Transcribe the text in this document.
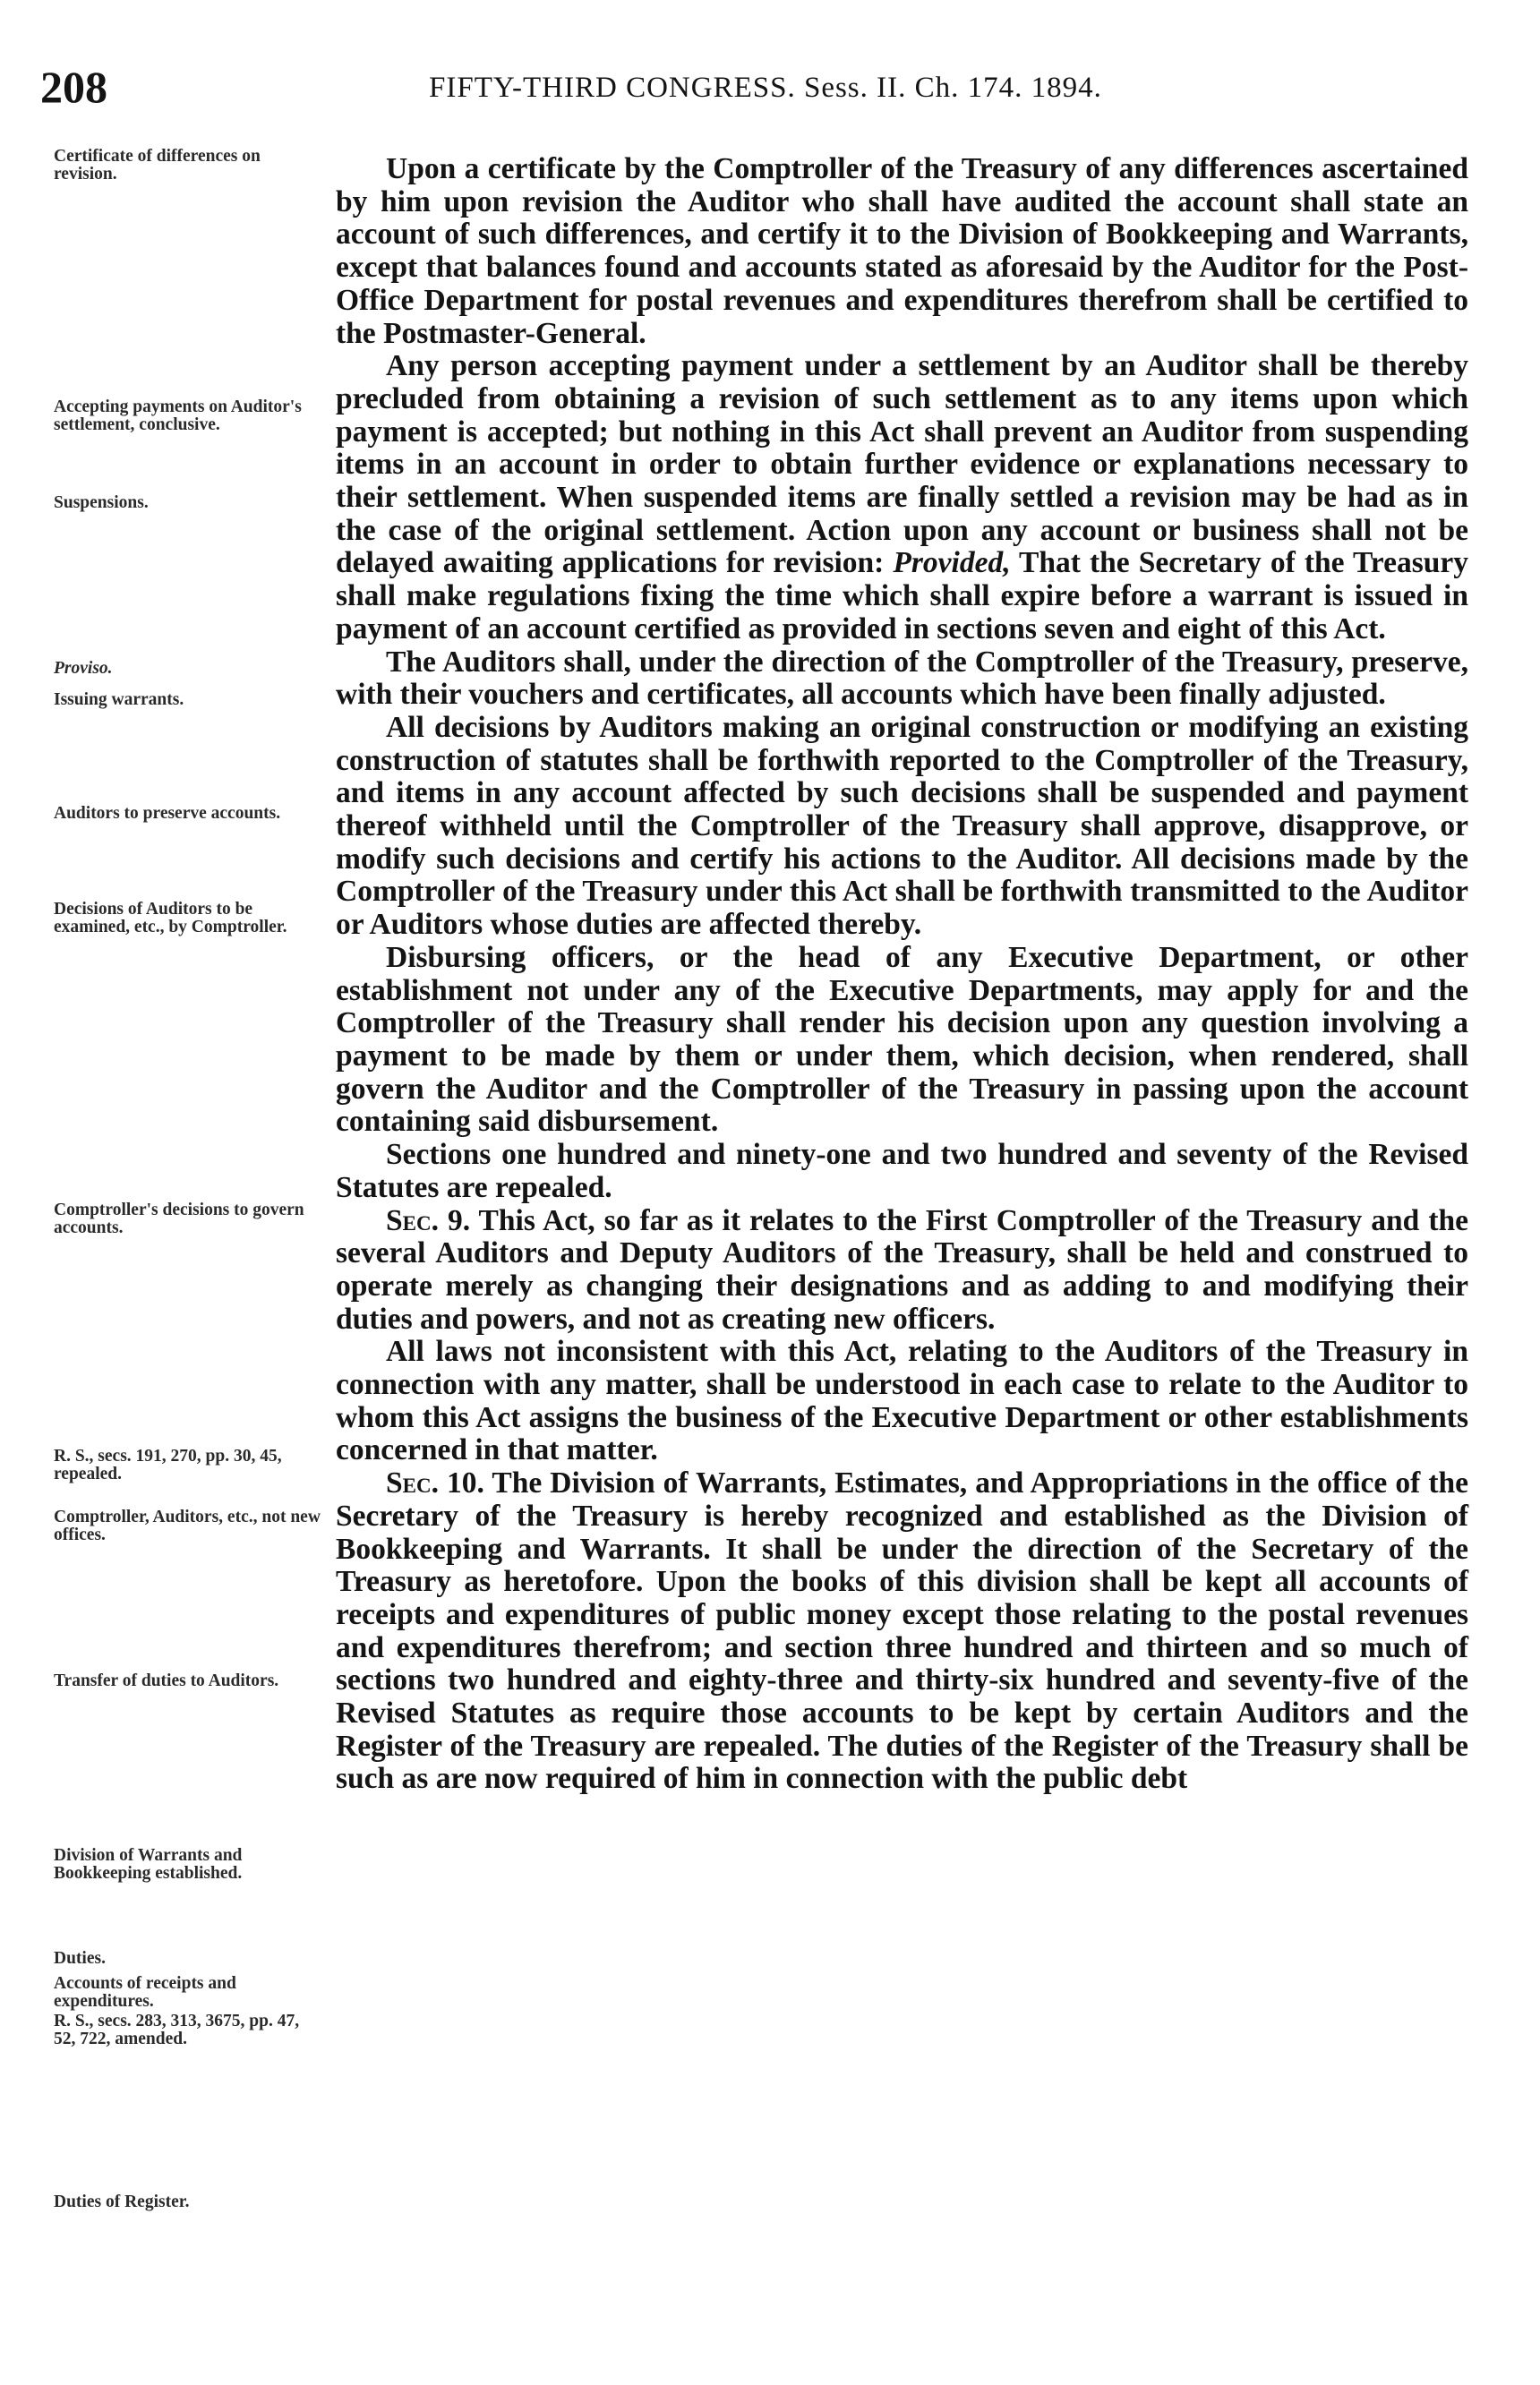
208	FIFTY-THIRD CONGRESS. Sess. II. Ch. 174. 1894.
Certificate of differences on revision.
Accepting payments on Auditor's settlement, conclusive.
Suspensions.
Proviso.
Issuing warrants.
Auditors to preserve accounts.
Decisions of Auditors to be examined, etc., by Comptroller.
Comptroller's decisions to govern accounts.
R. S., secs. 191, 270, pp. 30, 45, repealed.
Comptroller, Auditors, etc., not new offices.
Transfer of duties to Auditors.
Division of Warrants and Bookkeeping established.
Duties.
Accounts of receipts and expenditures.
R. S., secs. 283, 313, 3675, pp. 47, 52, 722, amended.
Duties of Register.

Upon a certificate by the Comptroller of the Treasury of any differences ascertained by him upon revision the Auditor who shall have audited the account shall state an account of such differences, and certify it to the Division of Bookkeeping and Warrants, except that balances found and accounts stated as aforesaid by the Auditor for the Post-Office Department for postal revenues and expenditures therefrom shall be certified to the Postmaster-General.

Any person accepting payment under a settlement by an Auditor shall be thereby precluded from obtaining a revision of such settlement as to any items upon which payment is accepted; but nothing in this Act shall prevent an Auditor from suspending items in an account in order to obtain further evidence or explanations necessary to their settlement. When suspended items are finally settled a revision may be had as in the case of the original settlement. Action upon any account or business shall not be delayed awaiting applications for revision: Provided, That the Secretary of the Treasury shall make regulations fixing the time which shall expire before a warrant is issued in payment of an account certified as provided in sections seven and eight of this Act.

The Auditors shall, under the direction of the Comptroller of the Treasury, preserve, with their vouchers and certificates, all accounts which have been finally adjusted.

All decisions by Auditors making an original construction or modifying an existing construction of statutes shall be forthwith reported to the Comptroller of the Treasury, and items in any account affected by such decisions shall be suspended and payment thereof withheld until the Comptroller of the Treasury shall approve, disapprove, or modify such decisions and certify his actions to the Auditor. All decisions made by the Comptroller of the Treasury under this Act shall be forthwith transmitted to the Auditor or Auditors whose duties are affected thereby.

Disbursing officers, or the head of any Executive Department, or other establishment not under any of the Executive Departments, may apply for and the Comptroller of the Treasury shall render his decision upon any question involving a payment to be made by them or under them, which decision, when rendered, shall govern the Auditor and the Comptroller of the Treasury in passing upon the account containing said disbursement.

Sections one hundred and ninety-one and two hundred and seventy of the Revised Statutes are repealed.

Sec. 9. This Act, so far as it relates to the First Comptroller of the Treasury and the several Auditors and Deputy Auditors of the Treasury, shall be held and construed to operate merely as changing their designations and as adding to and modifying their duties and powers, and not as creating new officers.

All laws not inconsistent with this Act, relating to the Auditors of the Treasury in connection with any matter, shall be understood in each case to relate to the Auditor to whom this Act assigns the business of the Executive Department or other establishments concerned in that matter.

Sec. 10. The Division of Warrants, Estimates, and Appropriations in the office of the Secretary of the Treasury is hereby recognized and established as the Division of Bookkeeping and Warrants. It shall be under the direction of the Secretary of the Treasury as heretofore. Upon the books of this division shall be kept all accounts of receipts and expenditures of public money except those relating to the postal revenues and expenditures therefrom; and section three hundred and thirteen and so much of sections two hundred and eighty-three and thirty-six hundred and seventy-five of the Revised Statutes as require those accounts to be kept by certain Auditors and the Register of the Treasury are repealed. The duties of the Register of the Treasury shall be such as are now required of him in connection with the public debt
